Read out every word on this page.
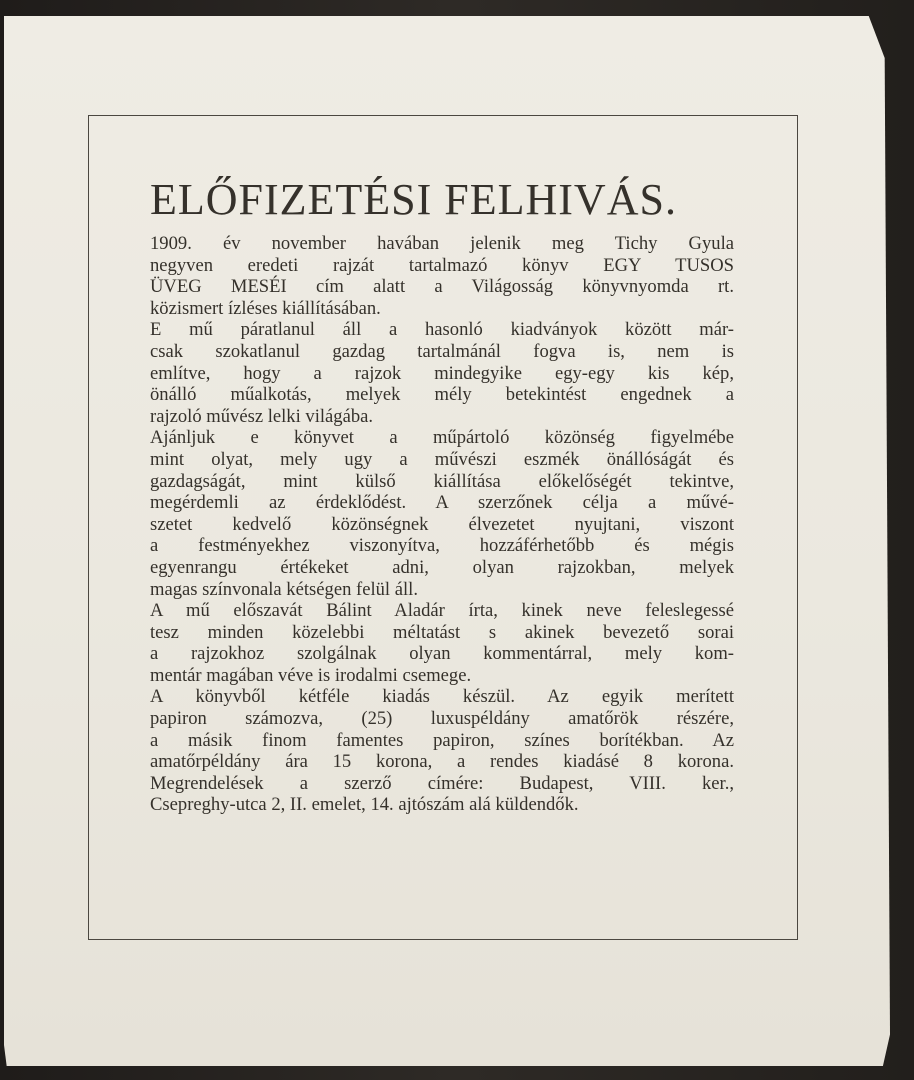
ELŐFIZETÉSI FELHIVÁS.

1909. év november havában jelenik meg Tichy Gyula
negyven eredeti rajzát tartalmazó könyv EGY TUSOS
ÜVEG MESÉI cím alatt a Világosság könyvnyomda rt.
közismert ízléses kiállításában.

E mű páratlanul áll a hasonló kiadványok között már-
csak szokatlanul gazdag tartalmánál fogva is, nem is
említve, hogy a rajzok mindegyike egy-egy kis kép,
önálló műalkotás, melyek mély betekintést engednek a
rajzoló művész lelki világába.

Ajánljuk e könyvet a műpártoló közönség figyelmébe
mint olyat, mely ugy a művészi eszmék önállóságát és
gazdagságát, mint külső kiállítása előkelőségét tekintve,
megérdemli az érdeklődést. A szerzőnek célja a művé-
szetet kedvelő közönségnek élvezetet nyujtani, viszont
a festményekhez viszonyítva, hozzáférhetőbb és mégis
egyenrangu értékeket adni, olyan rajzokban, melyek
magas színvonala kétségen felül áll.

A mű előszavát Bálint Aladár írta, kinek neve feleslegessé
tesz minden közelebbi méltatást s akinek bevezető sorai
a rajzokhoz szolgálnak olyan kommentárral, mely kom-
mentár magában véve is irodalmi csemege.

A könyvből kétféle kiadás készül. Az egyik merített
papiron számozva, (25) luxuspéldány amatőrök részére,
a másik finom famentes papiron, színes borítékban. Az
amatőrpéldány ára 15 korona, a rendes kiadásé 8 korona.
Megrendelések a szerző címére: Budapest, VIII. ker.,
Csepreghy-utca 2, II. emelet, 14. ajtószám alá küldendők.
